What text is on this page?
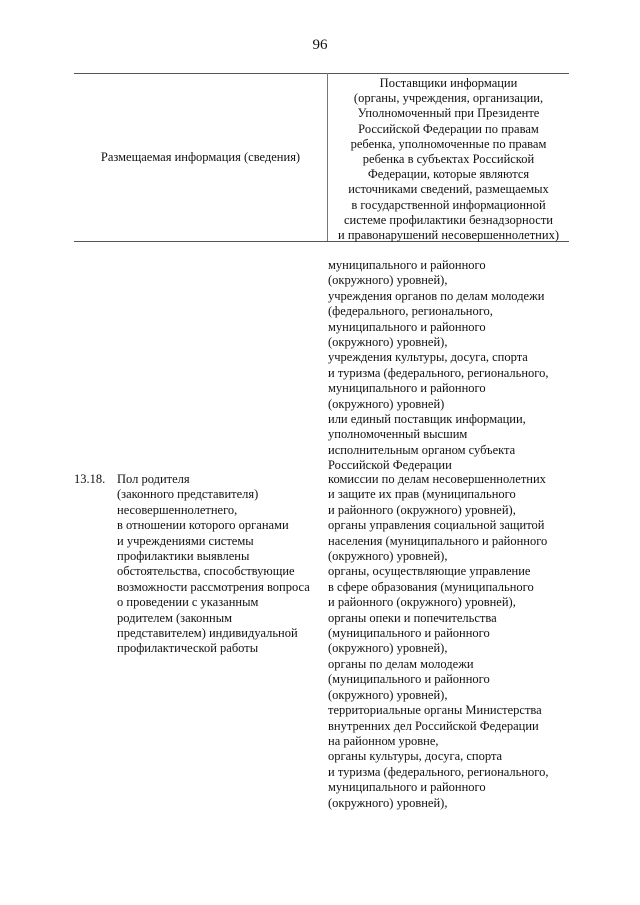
96
Размещаемая информация (сведения)
Поставщики информации
(органы, учреждения, организации,
Уполномоченный при Президенте
Российской Федерации по правам
ребенка, уполномоченные по правам
ребенка в субъектах Российской
Федерации, которые являются
источниками сведений, размещаемых
в государственной информационной
системе профилактики безнадзорности
и правонарушений несовершеннолетних)
муниципального и районного
(окружного) уровней),
учреждения органов по делам молодежи
(федерального, регионального,
муниципального и районного
(окружного) уровней),
учреждения культуры, досуга, спорта
и туризма (федерального, регионального,
муниципального и районного
(окружного) уровней)
или единый поставщик информации,
уполномоченный высшим
исполнительным органом субъекта
Российской Федерации
13.18. Пол родителя
(законного представителя)
несовершеннолетнего,
в отношении которого органами
и учреждениями системы
профилактики выявлены
обстоятельства, способствующие
возможности рассмотрения вопроса
о проведении с указанным
родителем (законным
представителем) индивидуальной
профилактической работы
комиссии по делам несовершеннолетних
и защите их прав (муниципального
и районного (окружного) уровней),
органы управления социальной защитой
населения (муниципального и районного
(окружного) уровней),
органы, осуществляющие управление
в сфере образования (муниципального
и районного (окружного) уровней),
органы опеки и попечительства
(муниципального и районного
(окружного) уровней),
органы по делам молодежи
(муниципального и районного
(окружного) уровней),
территориальные органы Министерства
внутренних дел Российской Федерации
на районном уровне,
органы культуры, досуга, спорта
и туризма (федерального, регионального,
муниципального и районного
(окружного) уровней),
